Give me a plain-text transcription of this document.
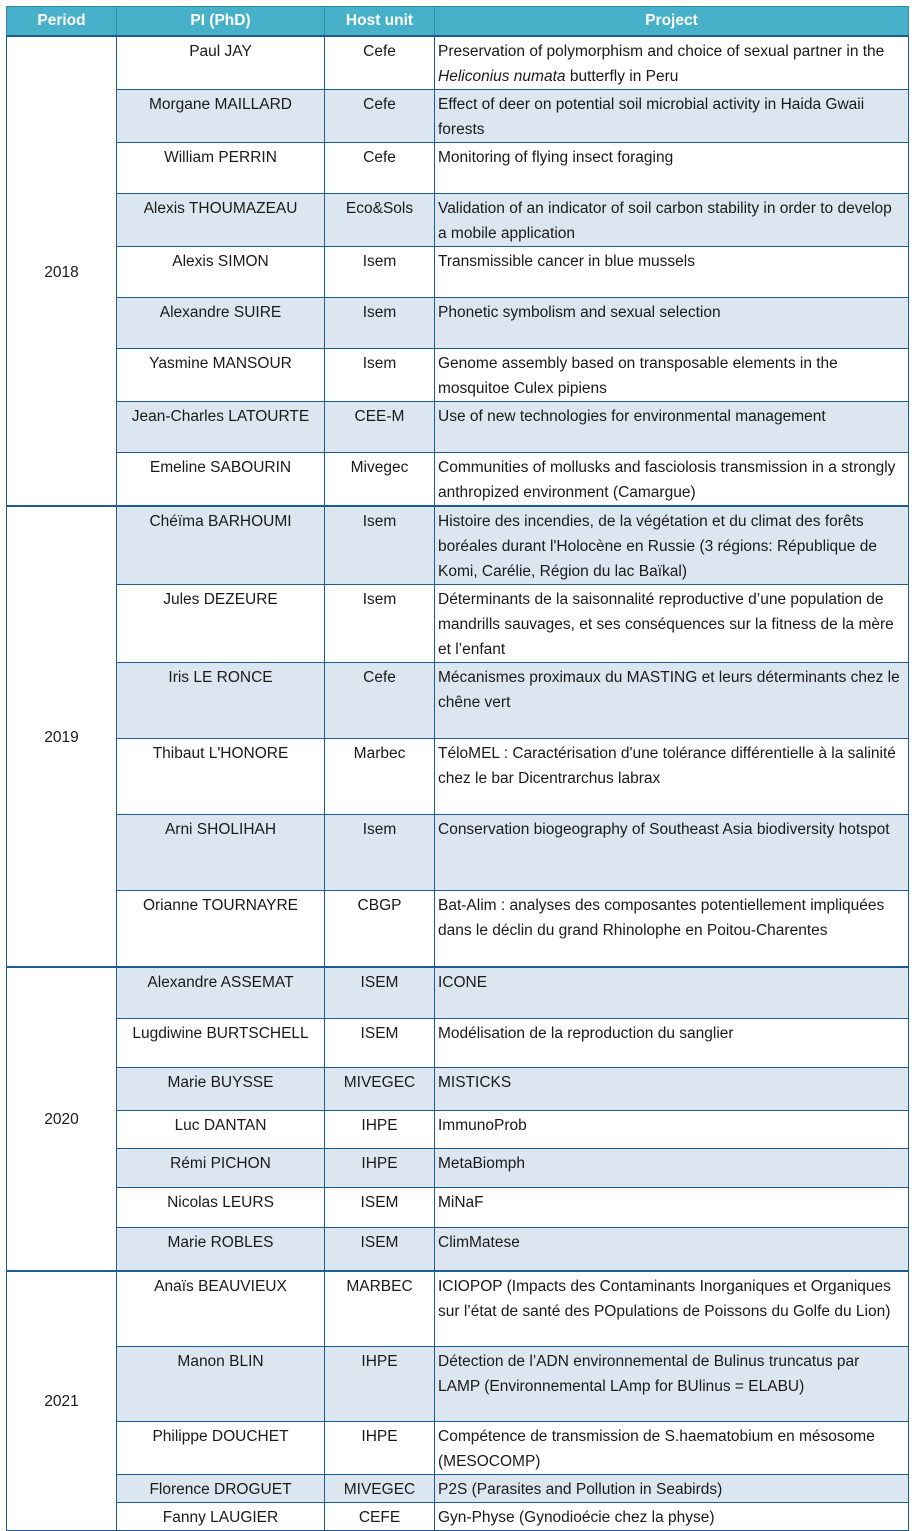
Period	PI (PhD)	Host unit	Project
2018	Paul JAY	Cefe	Preservation of polymorphism and choice of sexual partner in the Heliconius numata butterfly in Peru
	Morgane MAILLARD	Cefe	Effect of deer on potential soil microbial activity in Haida Gwaii forests
	William PERRIN	Cefe	Monitoring of flying insect foraging
	Alexis THOUMAZEAU	Eco&Sols	Validation of an indicator of soil carbon stability in order to develop a mobile application
	Alexis SIMON	Isem	Transmissible cancer in blue mussels
	Alexandre SUIRE	Isem	Phonetic symbolism and sexual selection
	Yasmine MANSOUR	Isem	Genome assembly based on transposable elements in the mosquitoe Culex pipiens
	Jean-Charles LATOURTE	CEE-M	Use of new technologies for environmental management
	Emeline SABOURIN	Mivegec	Communities of mollusks and fasciolosis transmission in a strongly anthropized environment (Camargue)
2019	Chéïma BARHOUMI	Isem	Histoire des incendies, de la végétation et du climat des forêts boréales durant l'Holocène en Russie (3 régions: République de Komi, Carélie, Région du lac Baïkal)
	Jules DEZEURE	Isem	Déterminants de la saisonnalité reproductive d’une population de mandrills sauvages, et ses conséquences sur la fitness de la mère et l’enfant
	Iris LE RONCE	Cefe	Mécanismes proximaux du MASTING et leurs déterminants chez le chêne vert
	Thibaut L'HONORE	Marbec	TéloMEL : Caractérisation d'une tolérance différentielle à la salinité chez le bar Dicentrarchus labrax
	Arni SHOLIHAH	Isem	Conservation biogeography of Southeast Asia biodiversity hotspot
	Orianne TOURNAYRE	CBGP	Bat-Alim : analyses des composantes potentiellement impliquées dans le déclin du grand Rhinolophe en Poitou-Charentes
2020	Alexandre ASSEMAT	ISEM	ICONE
	Lugdiwine BURTSCHELL	ISEM	Modélisation de la reproduction du sanglier
	Marie BUYSSE	MIVEGEC	MISTICKS
	Luc DANTAN	IHPE	ImmunoProb
	Rémi PICHON	IHPE	MetaBiomph
	Nicolas LEURS	ISEM	MiNaF
	Marie ROBLES	ISEM	ClimMatese
2021	Anaïs BEAUVIEUX	MARBEC	ICIOPOP (Impacts des Contaminants Inorganiques et Organiques sur l’état de santé des POpulations de Poissons du Golfe du Lion)
	Manon BLIN	IHPE	Détection de l’ADN environnemental de Bulinus truncatus par LAMP (Environnemental LAmp for BUlinus = ELABU)
	Philippe DOUCHET	IHPE	Compétence de transmission de S.haematobium en mésosome (MESOCOMP)
	Florence DROGUET	MIVEGEC	P2S (Parasites and Pollution in Seabirds)
	Fanny LAUGIER	CEFE	Gyn-Physe (Gynodioécie chez la physe)
